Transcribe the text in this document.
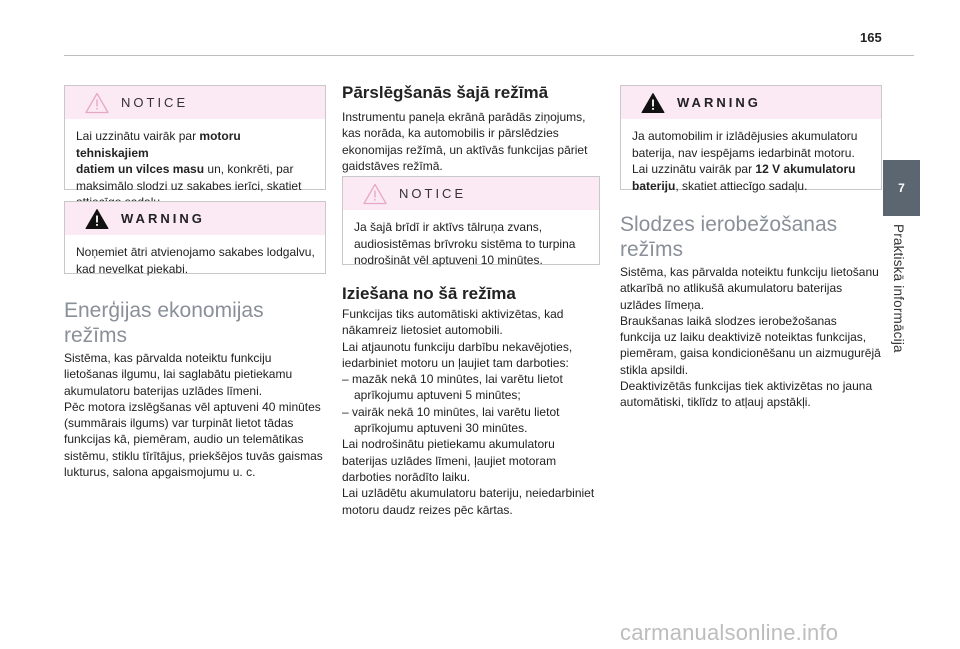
165
7
Praktiskā informācija
NOTICE
Lai uzzinātu vairāk par motoru tehniskajiem
datiem un vilces masu un, konkrēti, par
maksimālo slodzi uz sakabes ierīci, skatiet
WARNING
Noņemiet ātri atvienojamo sakabes lodgalvu,
kad nevelkat piekabi.
Enerģijas ekonomijas
režīms
Sistēma, kas pārvalda noteiktu funkciju
lietošanas ilgumu, lai saglabātu pietiekamu
akumulatoru baterijas uzlādes līmeni.
Pēc motora izslēgšanas vēl aptuveni 40 minūtes
(summārais ilgums) var turpināt lietot tādas
funkcijas kā, piemēram, audio un telemātikas
sistēmu, stiklu tīrītājus, priekšējos tuvās gaismas
lukturus, salona apgaismojumu u. c.
Pārslēgšanās šajā režīmā
Instrumentu paneļa ekrānā parādās ziņojums,
kas norāda, ka automobilis ir pārslēdzies
ekonomijas režīmā, un aktīvās funkcijas pāriet
gaidstāves režīmā.
NOTICE
Ja šajā brīdī ir aktīvs tālruņa zvans,
audiosistēmas brīvroku sistēma to turpina
nodrošināt vēl aptuveni 10 minūtes.
Iziešana no šā režīma
Funkcijas tiks automātiski aktivizētas, kad
nākamreiz lietosiet automobili.
Lai atjaunotu funkciju darbību nekavējoties,
iedarbiniet motoru un ļaujiet tam darboties:
– mazāk nekā 10 minūtes, lai varētu lietot
aprīkojumu aptuveni 5 minūtes;
– vairāk nekā 10 minūtes, lai varētu lietot
aprīkojumu aptuveni 30 minūtes.
Lai nodrošinātu pietiekamu akumulatoru
baterijas uzlādes līmeni, ļaujiet motoram
darboties norādīto laiku.
Lai uzlādētu akumulatoru bateriju, neiedarbiniet
motoru daudz reizes pēc kārtas.
WARNING
Ja automobilim ir izlādējusies akumulatoru
baterija, nav iespējams iedarbināt motoru.
Lai uzzinātu vairāk par 12 V akumulatoru
bateriju, skatiet attiecīgo sadaļu.
Slodzes ierobežošanas
režīms
Sistēma, kas pārvalda noteiktu funkciju lietošanu
atkarībā no atlikušā akumulatoru baterijas
uzlādes līmeņa.
Braukšanas laikā slodzes ierobežošanas
funkcija uz laiku deaktivizē noteiktas funkcijas,
piemēram, gaisa kondicionēšanu un aizmugurējā
stikla apsildi.
Deaktivizētās funkcijas tiek aktivizētas no jauna
automātiski, tiklīdz to atļauj apstākļi.
carmanualsonline.info
